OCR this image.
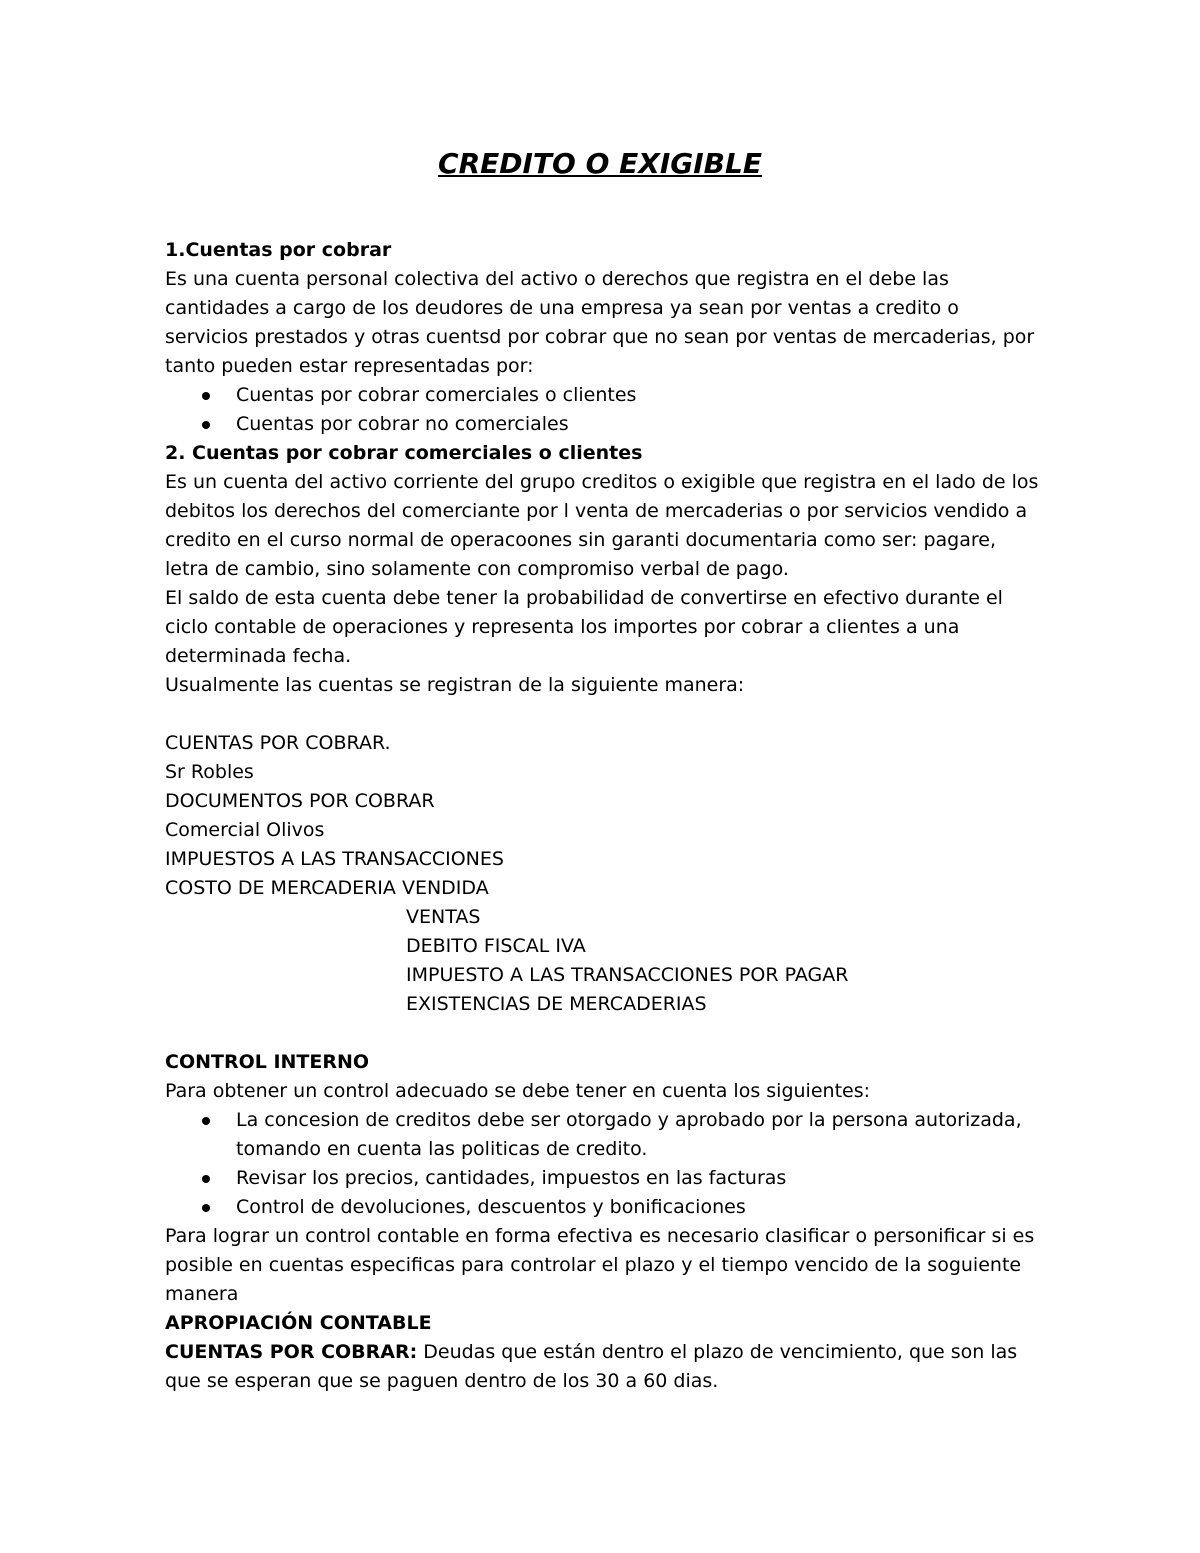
CREDITO O EXIGIBLE
1.Cuentas por cobrar
Es una cuenta personal colectiva del activo o derechos que registra en el debe las
cantidades a cargo de los deudores de una empresa ya sean por ventas a credito o
servicios prestados y otras cuentsd por cobrar que no sean por ventas de mercaderias, por
tanto pueden estar representadas por:
Cuentas por cobrar comerciales o clientes
Cuentas por cobrar no comerciales
2. Cuentas por cobrar comerciales o clientes
Es un cuenta del activo corriente del grupo creditos o exigible que registra en el lado de los
debitos los derechos del comerciante por l venta de mercaderias o por servicios vendido a
credito en el curso normal de operacoones sin garanti documentaria como ser: pagare,
letra de cambio, sino solamente con compromiso verbal de pago.
El saldo de esta cuenta debe tener la probabilidad de convertirse en efectivo durante el
ciclo contable de operaciones y representa los importes por cobrar a clientes a una
determinada fecha.
Usualmente las cuentas se registran de la siguiente manera:
CUENTAS POR COBRAR.
Sr Robles
DOCUMENTOS POR COBRAR
Comercial Olivos
IMPUESTOS A LAS TRANSACCIONES
COSTO DE MERCADERIA VENDIDA
VENTAS
DEBITO FISCAL IVA
IMPUESTO A LAS TRANSACCIONES POR PAGAR
EXISTENCIAS DE MERCADERIAS
CONTROL INTERNO
Para obtener un control adecuado se debe tener en cuenta los siguientes:
La concesion de creditos debe ser otorgado y aprobado por la persona autorizada,
tomando en cuenta las politicas de credito.
Revisar los precios, cantidades, impuestos en las facturas
Control de devoluciones, descuentos y bonificaciones
Para lograr un control contable en forma efectiva es necesario clasificar o personificar si es
posible en cuentas especificas para controlar el plazo y el tiempo vencido de la soguiente
manera
APROPIACIÓN CONTABLE
CUENTAS POR COBRAR: Deudas que están dentro el plazo de vencimiento, que son las
que se esperan que se paguen dentro de los 30 a 60 dias.
